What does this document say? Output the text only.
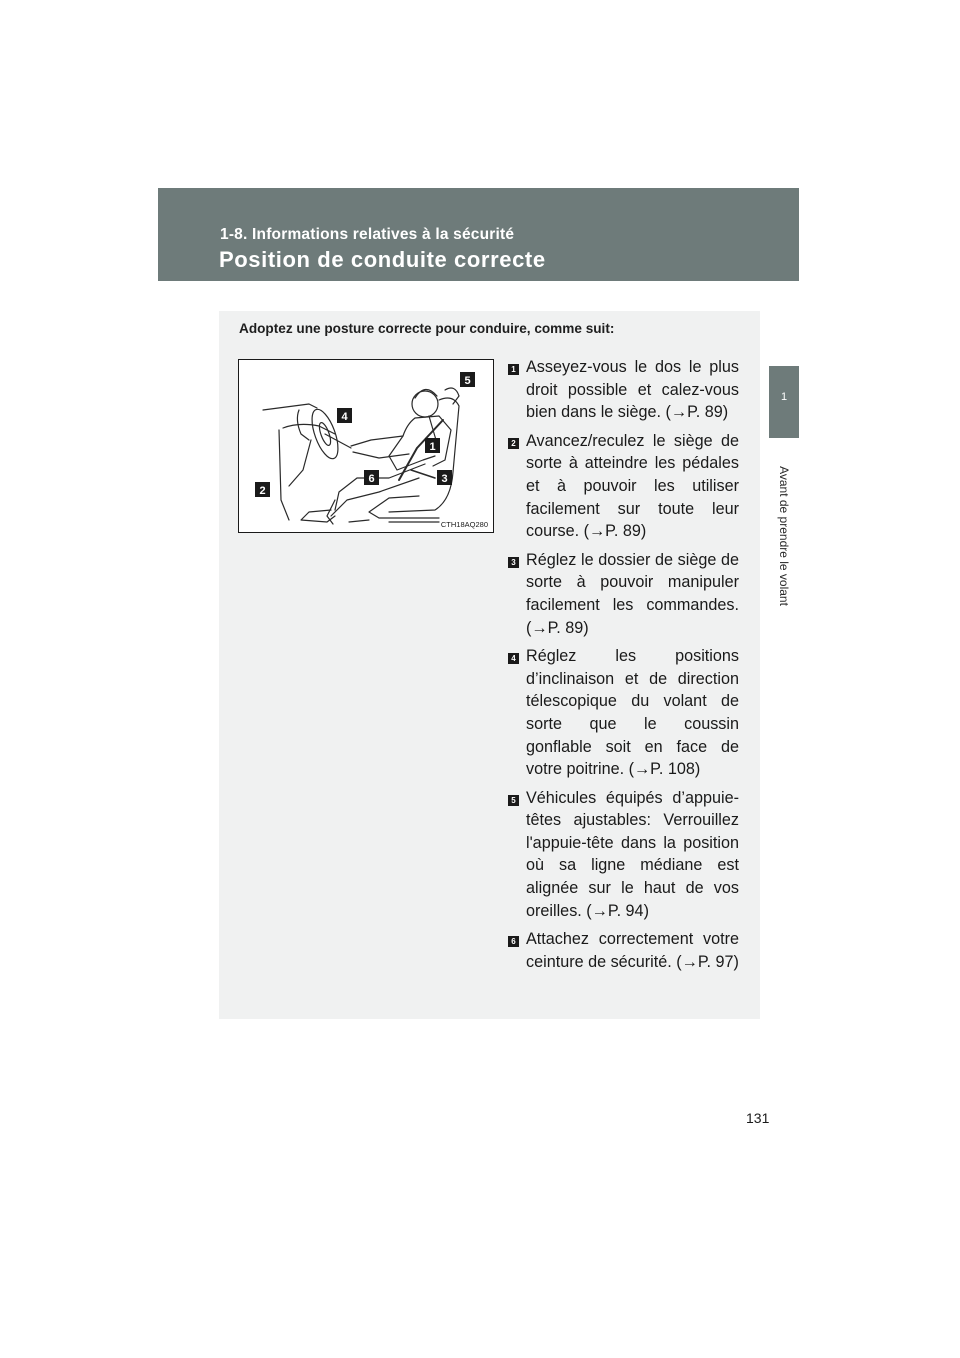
1-8. Informations relatives à la sécurité
Position de conduite correcte
1
Avant de prendre le volant
Adoptez une posture correcte pour conduire, comme suit:
5
4
1
6	3
2
CTH18AQ280
1 Asseyez-vous le dos le plus droit possible et calez-vous bien dans le siège. (→P. 89)
2 Avancez/reculez le siège de sorte à atteindre les pédales et à pouvoir les utiliser facilement sur toute leur course. (→P. 89)
3 Réglez le dossier de siège de sorte à pouvoir manipuler facilement les commandes. (→P. 89)
4 Réglez les positions d’inclinaison et de direction télescopique du volant de sorte que le coussin gonflable soit en face de votre poitrine. (→P. 108)
5 Véhicules équipés d’appuie-têtes ajustables: Verrouillez l'appuie-tête dans la position où sa ligne médiane est alignée sur le haut de vos oreilles. (→P. 94)
6 Attachez correctement votre ceinture de sécurité. (→P. 97)
131
